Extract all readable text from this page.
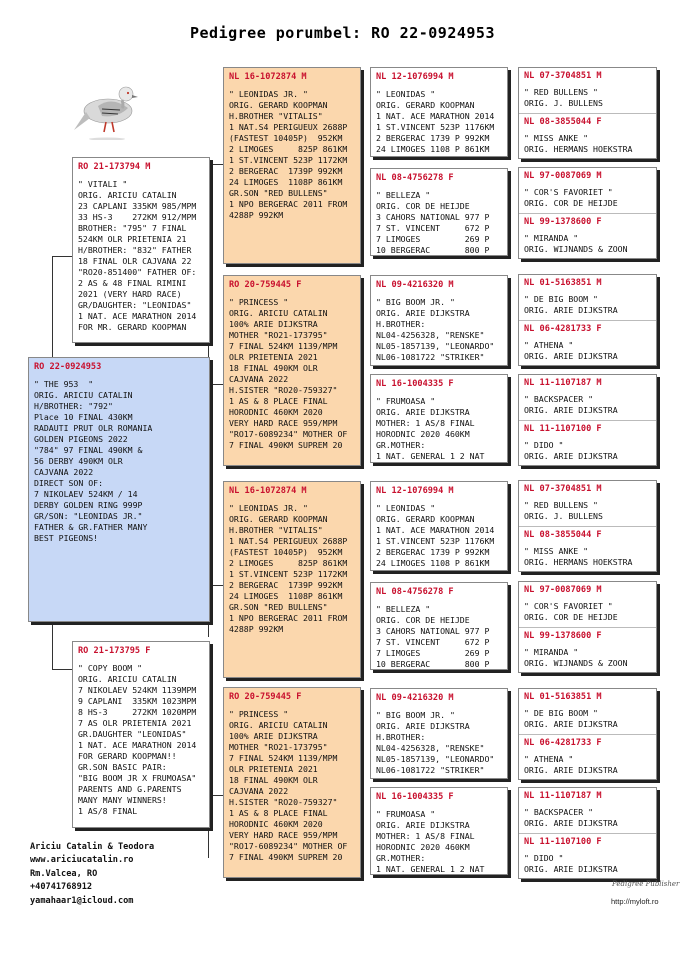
Pedigree porumbel: RO 22-0924953
RO 22-0924953
" THE 953  "
ORIG. ARICIU CATALIN
H/BROTHER: "792"
Place 10 FINAL 430KM
RADAUTI PRUT OLR ROMANIA
GOLDEN PIGEONS 2022
"784" 97 FINAL 490KM &
56 DERBY 490KM OLR
CAJVANA 2022
DIRECT SON OF:
7 NIKOLAEV 524KM / 14
DERBY GOLDEN RING 999P
GR/SON: "LEONIDAS JR."
FATHER & GR.FATHER MANY
BEST PIGEONS!
RO 21-173794 M
" VITALI "
ORIG. ARICIU CATALIN
23 CAPLANI 335KM 985/MPM
33 HS-3    272KM 912/MPM
BROTHER: "795" 7 FINAL
524KM OLR PRIETENIA 21
H/BROTHER: "832" FATHER
18 FINAL OLR CAJVANA 22
"RO20-851400" FATHER OF:
2 AS & 48 FINAL RIMINI
2021 (VERY HARD RACE)
GR/DAUGHTER: "LEONIDAS"
1 NAT. ACE MARATHON 2014
FOR MR. GERARD KOOPMAN
RO 21-173795 F
" COPY BOOM "
ORIG. ARICIU CATALIN
7 NIKOLAEV 524KM 1139MPM
9 CAPLANI  335KM 1023MPM
8 HS-3     272KM 1020MPM
7 AS OLR PRIETENIA 2021
GR.DAUGHTER "LEONIDAS"
1 NAT. ACE MARATHON 2014
FOR GERARD KOOPMAN!!
GR.SON BASIC PAIR:
"BIG BOOM JR X FRUMOASA"
PARENTS AND G.PARENTS
MANY MANY WINNERS!
1 AS/8 FINAL
NL 16-1072874 M
" LEONIDAS JR. "
ORIG. GERARD KOOPMAN
H.BROTHER "VITALIS"
1 NAT.S4 PERIGUEUX 2688P
(FASTEST 10405P)  952KM
2 LIMOGES     825P 861KM
1 ST.VINCENT 523P 1172KM
2 BERGERAC  1739P 992KM
24 LIMOGES  1108P 861KM
GR.SON "RED BULLENS"
1 NPO BERGERAC 2011 FROM
4288P 992KM
RO 20-759445 F
" PRINCESS "
ORIG. ARICIU CATALIN
100% ARIE DIJKSTRA
MOTHER "RO21-173795"
7 FINAL 524KM 1139/MPM
OLR PRIETENIA 2021
18 FINAL 490KM OLR
CAJVANA 2022
H.SISTER "RO20-759327"
1 AS & 8 PLACE FINAL
HORODNIC 460KM 2020
VERY HARD RACE 959/MPM
"RO17-6089234" MOTHER OF
7 FINAL 490KM SUPREM 20
NL 16-1072874 M
" LEONIDAS JR. "
ORIG. GERARD KOOPMAN
H.BROTHER "VITALIS"
1 NAT.S4 PERIGUEUX 2688P
(FASTEST 10405P)  952KM
2 LIMOGES     825P 861KM
1 ST.VINCENT 523P 1172KM
2 BERGERAC  1739P 992KM
24 LIMOGES  1108P 861KM
GR.SON "RED BULLENS"
1 NPO BERGERAC 2011 FROM
4288P 992KM
RO 20-759445 F
" PRINCESS "
ORIG. ARICIU CATALIN
100% ARIE DIJKSTRA
MOTHER "RO21-173795"
7 FINAL 524KM 1139/MPM
OLR PRIETENIA 2021
18 FINAL 490KM OLR
CAJVANA 2022
H.SISTER "RO20-759327"
1 AS & 8 PLACE FINAL
HORODNIC 460KM 2020
VERY HARD RACE 959/MPM
"RO17-6089234" MOTHER OF
7 FINAL 490KM SUPREM 20
NL 12-1076994 M
" LEONIDAS "
ORIG. GERARD KOOPMAN
1 NAT. ACE MARATHON 2014
1 ST.VINCENT 523P 1176KM
2 BERGERAC 1739 P 992KM
24 LIMOGES 1108 P 861KM
NL 08-4756278 F
" BELLEZA "
ORIG. COR DE HEIJDE
3 CAHORS NATIONAL 977 P
7 ST. VINCENT     672 P
7 LIMOGES         269 P
10 BERGERAC       800 P
NL 09-4216320 M
" BIG BOOM JR. "
ORIG. ARIE DIJKSTRA
H.BROTHER:
NL04-4256328, "RENSKE"
NL05-1857139, "LEONARDO"
NL06-1081722 "STRIKER"
NL 16-1004335 F
" FRUMOASA "
ORIG. ARIE DIJKSTRA
MOTHER: 1 AS/8 FINAL
HORODNIC 2020 460KM
GR.MOTHER:
1 NAT. GENERAL 1 2 NAT
NL 12-1076994 M
" LEONIDAS "
ORIG. GERARD KOOPMAN
1 NAT. ACE MARATHON 2014
1 ST.VINCENT 523P 1176KM
2 BERGERAC 1739 P 992KM
24 LIMOGES 1108 P 861KM
NL 08-4756278 F
" BELLEZA "
ORIG. COR DE HEIJDE
3 CAHORS NATIONAL 977 P
7 ST. VINCENT     672 P
7 LIMOGES         269 P
10 BERGERAC       800 P
NL 09-4216320 M
" BIG BOOM JR. "
ORIG. ARIE DIJKSTRA
H.BROTHER:
NL04-4256328, "RENSKE"
NL05-1857139, "LEONARDO"
NL06-1081722 "STRIKER"
NL 16-1004335 F
" FRUMOASA "
ORIG. ARIE DIJKSTRA
MOTHER: 1 AS/8 FINAL
HORODNIC 2020 460KM
GR.MOTHER:
1 NAT. GENERAL 1 2 NAT
NL 07-3704851 M
" RED BULLENS "
ORIG. J. BULLENS
NL 08-3855044 F
" MISS ANKE "
ORIG. HERMANS HOEKSTRA
NL 97-0087069 M
" COR'S FAVORIET "
ORIG. COR DE HEIJDE
NL 99-1378600 F
" MIRANDA "
ORIG. WIJNANDS & ZOON
NL 01-5163851 M
" DE BIG BOOM "
ORIG. ARIE DIJKSTRA
NL 06-4281733 F
" ATHENA "
ORIG. ARIE DIJKSTRA
NL 11-1107187 M
" BACKSPACER "
ORIG. ARIE DIJKSTRA
NL 11-1107100 F
" DIDO "
ORIG. ARIE DIJKSTRA
NL 07-3704851 M
" RED BULLENS "
ORIG. J. BULLENS
NL 08-3855044 F
" MISS ANKE "
ORIG. HERMANS HOEKSTRA
NL 97-0087069 M
" COR'S FAVORIET "
ORIG. COR DE HEIJDE
NL 99-1378600 F
" MIRANDA "
ORIG. WIJNANDS & ZOON
NL 01-5163851 M
" DE BIG BOOM "
ORIG. ARIE DIJKSTRA
NL 06-4281733 F
" ATHENA "
ORIG. ARIE DIJKSTRA
NL 11-1107187 M
" BACKSPACER "
ORIG. ARIE DIJKSTRA
NL 11-1107100 F
" DIDO "
ORIG. ARIE DIJKSTRA
Ariciu Catalin & Teodora
www.ariciucatalin.ro
Rm.Valcea, RO
+40741768912
yamahaar1@icloud.com
Pedigree Publisher
http://myloft.ro
